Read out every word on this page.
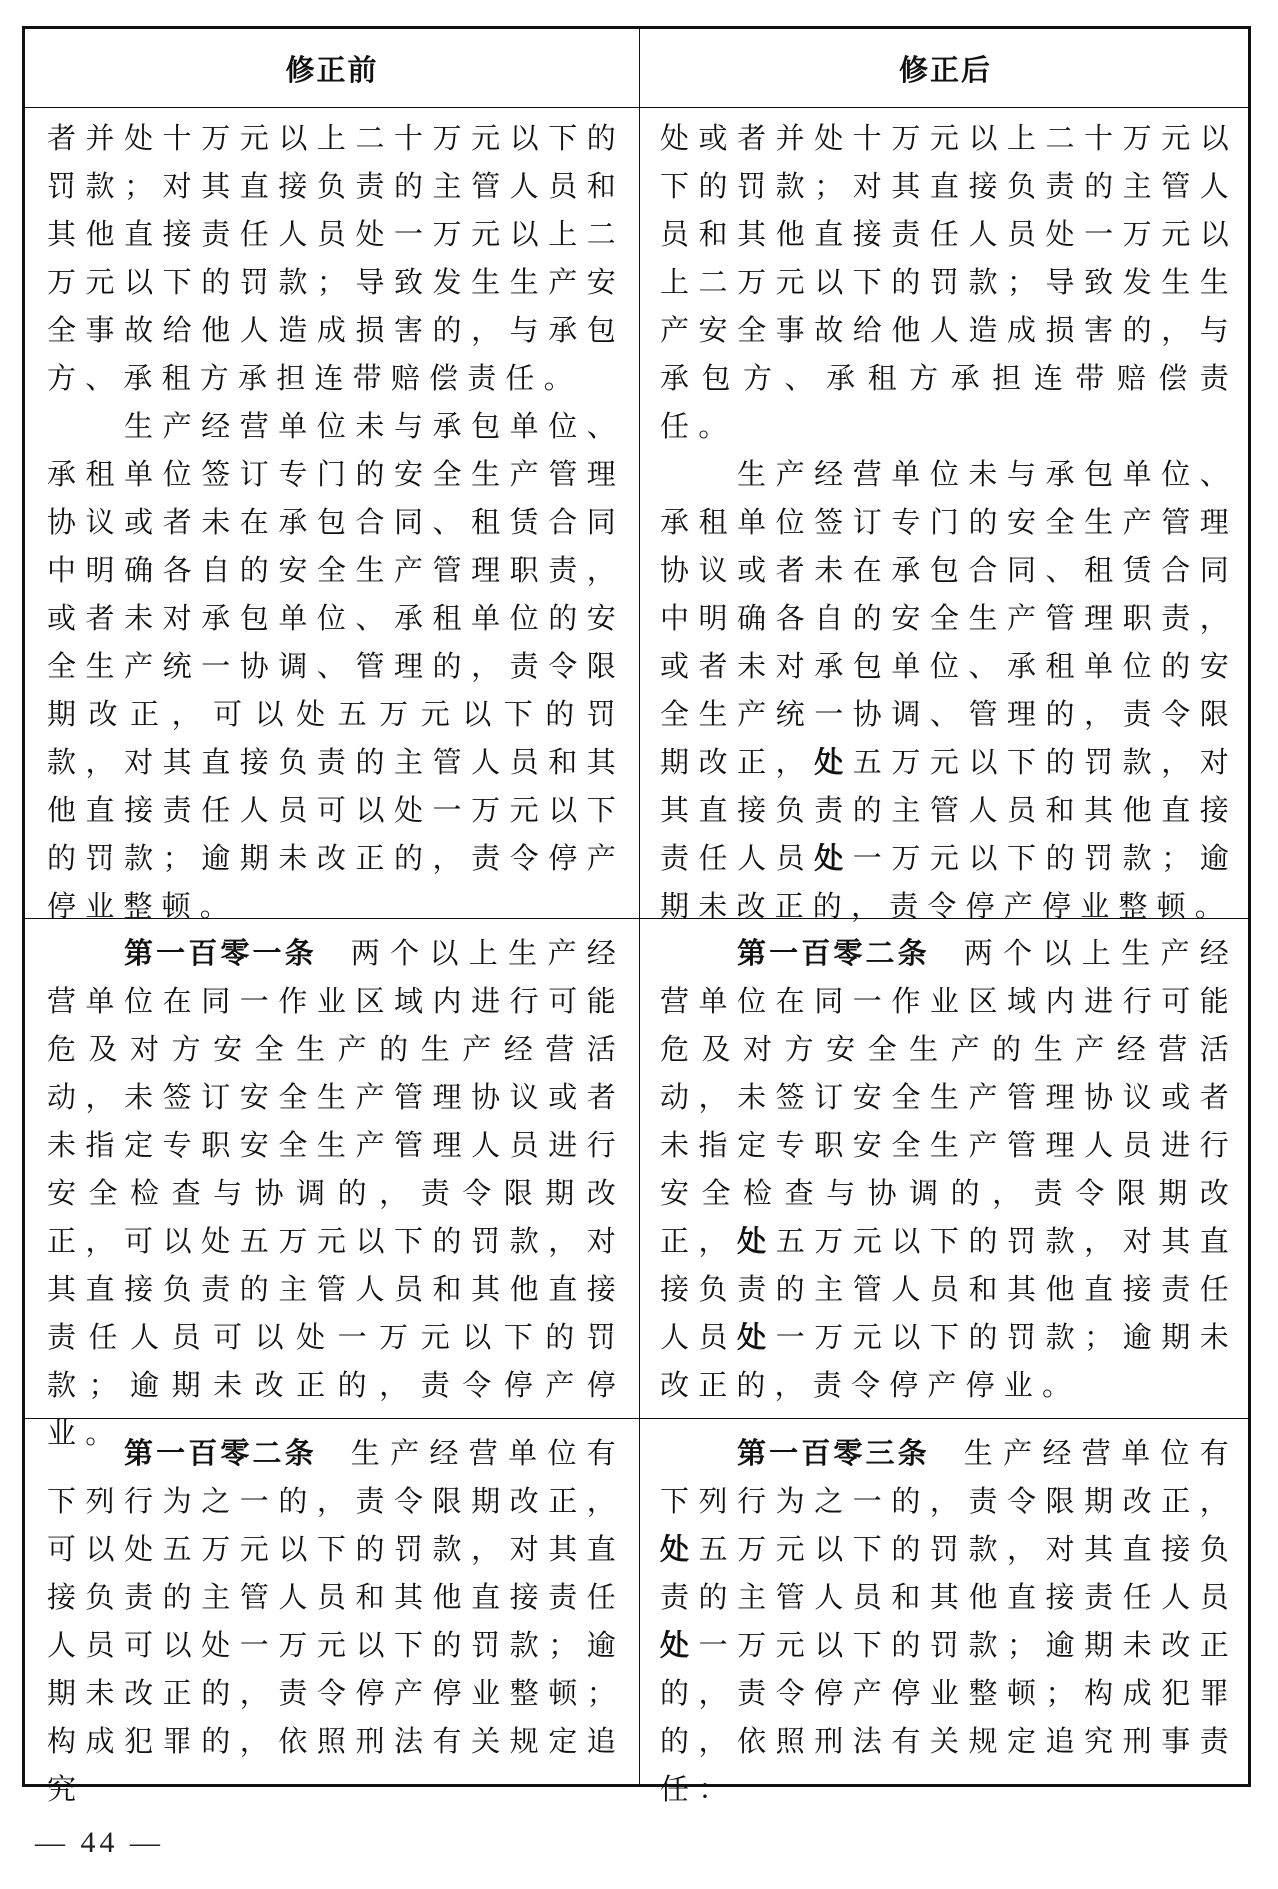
修正前	修正后

者并处十万元以上二十万元以下的罚款；对其直接负责的主管人员和其他直接责任人员处一万元以上二万元以下的罚款；导致发生生产安全事故给他人造成损害的，与承包方、承租方承担连带赔偿责任。

生产经营单位未与承包单位、承租单位签订专门的安全生产管理协议或者未在承包合同、租赁合同中明确各自的安全生产管理职责，或者未对承包单位、承租单位的安全生产统一协调、管理的，责令限期改正，可以处五万元以下的罚款，对其直接负责的主管人员和其他直接责任人员可以处一万元以下的罚款；逾期未改正的，责令停产停业整顿。

处或者并处十万元以上二十万元以下的罚款；对其直接负责的主管人员和其他直接责任人员处一万元以上二万元以下的罚款；导致发生生产安全事故给他人造成损害的，与承包方、承租方承担连带赔偿责任。

生产经营单位未与承包单位、承租单位签订专门的安全生产管理协议或者未在承包合同、租赁合同中明确各自的安全生产管理职责，或者未对承包单位、承租单位的安全生产统一协调、管理的，责令限期改正，处五万元以下的罚款，对其直接负责的主管人员和其他直接责任人员处一万元以下的罚款；逾期未改正的，责令停产停业整顿。

第一百零一条 两个以上生产经营单位在同一作业区域内进行可能危及对方安全生产的生产经营活动，未签订安全生产管理协议或者未指定专职安全生产管理人员进行安全检查与协调的，责令限期改正，可以处五万元以下的罚款，对其直接负责的主管人员和其他直接责任人员可以处一万元以下的罚款；逾期未改正的，责令停产停业。

第一百零二条 两个以上生产经营单位在同一作业区域内进行可能危及对方安全生产的生产经营活动，未签订安全生产管理协议或者未指定专职安全生产管理人员进行安全检查与协调的，责令限期改正，处五万元以下的罚款，对其直接负责的主管人员和其他直接责任人员处一万元以下的罚款；逾期未改正的，责令停产停业。

第一百零二条 生产经营单位有下列行为之一的，责令限期改正，可以处五万元以下的罚款，对其直接负责的主管人员和其他直接责任人员可以处一万元以下的罚款；逾期未改正的，责令停产停业整顿；构成犯罪的，依照刑法有关规定追究

第一百零三条 生产经营单位有下列行为之一的，责令限期改正，处五万元以下的罚款，对其直接负责的主管人员和其他直接责任人员处一万元以下的罚款；逾期未改正的，责令停产停业整顿；构成犯罪的，依照刑法有关规定追究刑事责任：

— 44 —
